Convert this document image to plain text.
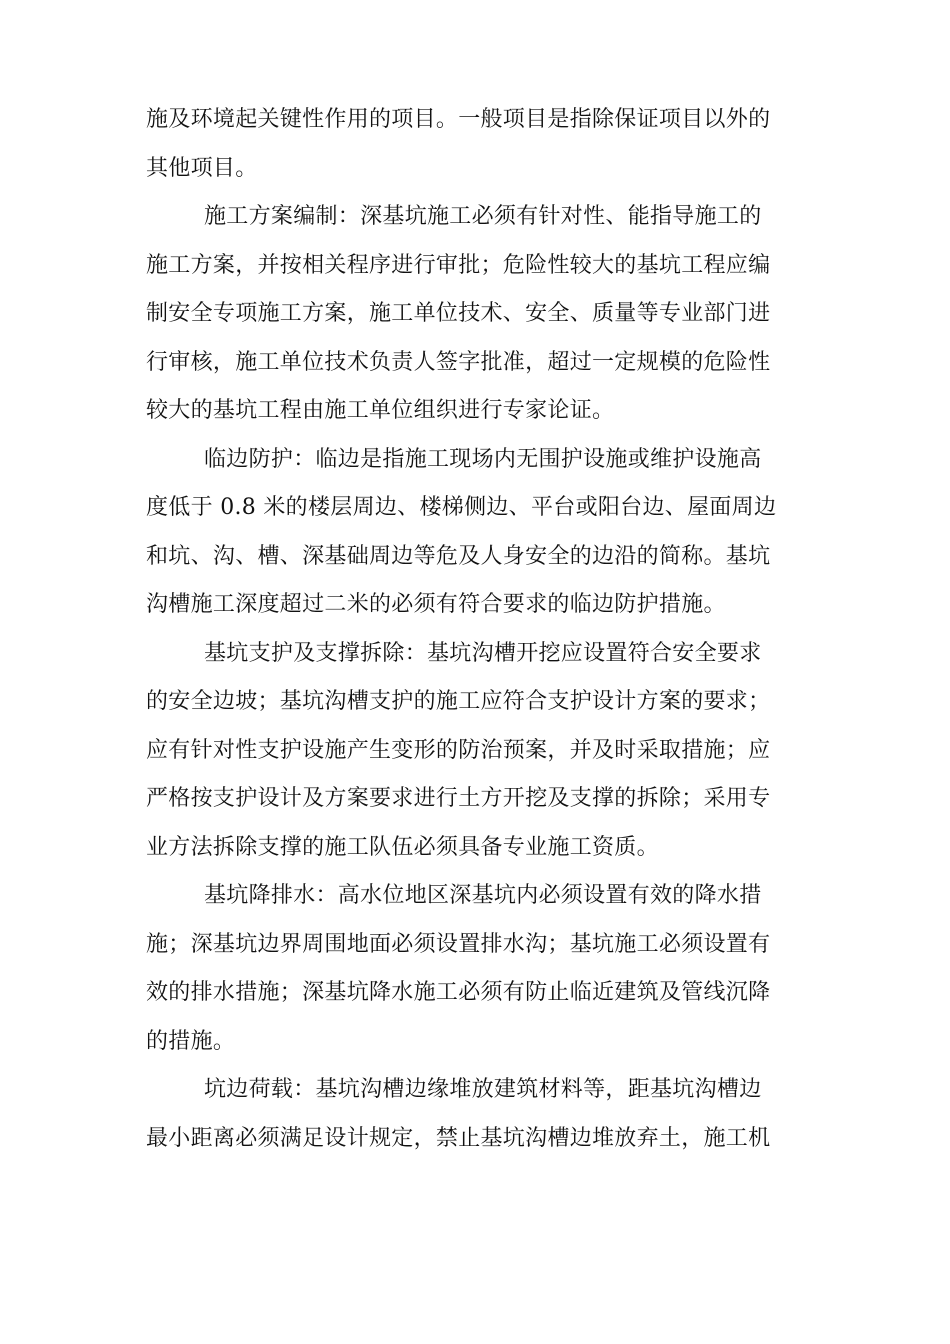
施及环境起关键性作用的项目。一般项目是指除保证项目以外的
其他项目。
施工方案编制：深基坑施工必须有针对性、能指导施工的
施工方案，并按相关程序进行审批；危险性较大的基坑工程应编
制安全专项施工方案，施工单位技术、安全、质量等专业部门进
行审核，施工单位技术负责人签字批准，超过一定规模的危险性
较大的基坑工程由施工单位组织进行专家论证。
临边防护：临边是指施工现场内无围护设施或维护设施高
度低于 0.8 米的楼层周边、楼梯侧边、平台或阳台边、屋面周边
和坑、沟、槽、深基础周边等危及人身安全的边沿的简称。基坑
沟槽施工深度超过二米的必须有符合要求的临边防护措施。
基坑支护及支撑拆除：基坑沟槽开挖应设置符合安全要求
的安全边坡；基坑沟槽支护的施工应符合支护设计方案的要求；
应有针对性支护设施产生变形的防治预案，并及时采取措施；应
严格按支护设计及方案要求进行土方开挖及支撑的拆除；采用专
业方法拆除支撑的施工队伍必须具备专业施工资质。
基坑降排水：高水位地区深基坑内必须设置有效的降水措
施；深基坑边界周围地面必须设置排水沟；基坑施工必须设置有
效的排水措施；深基坑降水施工必须有防止临近建筑及管线沉降
的措施。
坑边荷载：基坑沟槽边缘堆放建筑材料等，距基坑沟槽边
最小距离必须满足设计规定，禁止基坑沟槽边堆放弃土，施工机
